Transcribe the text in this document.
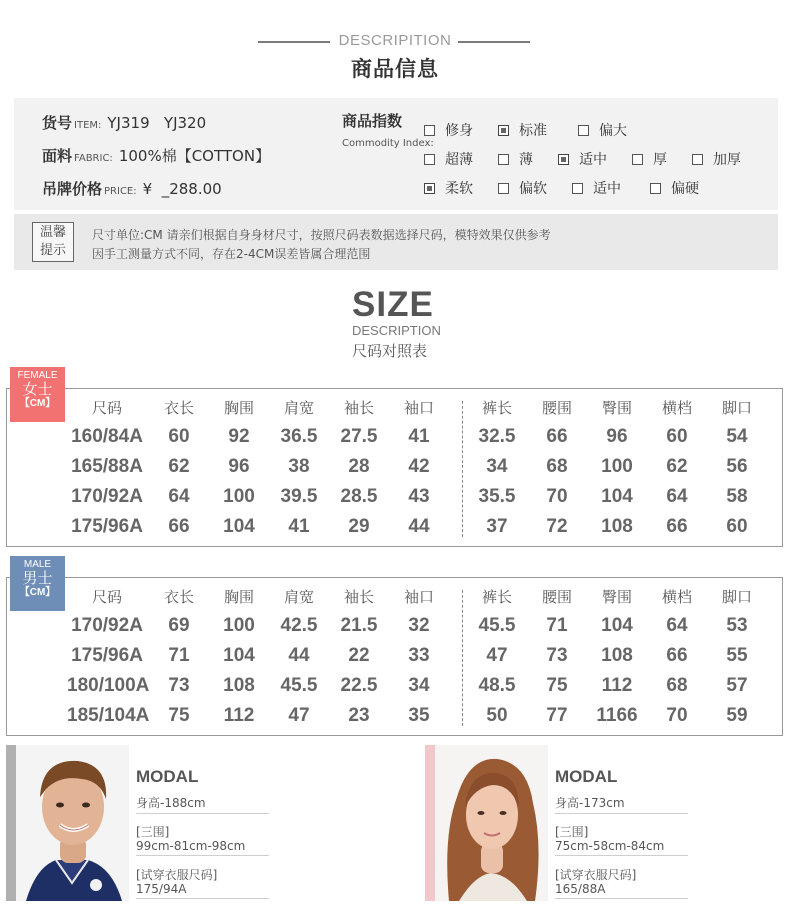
DESCRIPITION
商品信息
货号 ITEM: YJ319   YJ320
面料 FABRIC: 100%棉【COTTON】
吊牌价格 PRICE: ¥  _288.00
商品指数
Commodity Index:
修身	标准	偏大
超薄	薄	适中	厚	加厚
柔软	偏软	适中	偏硬
温馨
提示
尺寸单位:CM 请亲们根据自身身材尺寸，按照尺码表数据选择尺码，模特效果仅供参考
因手工测量方式不同，存在2-4CM误差皆属合理范围
SIZE
DESCRIPTION
尺码对照表
尺码	衣长	胸围	肩宽	袖长	袖口	裤长	腰围	臀围	横档	脚口
160/84A	60	92	36.5	27.5	41	32.5	66	96	60	54
165/88A	62	96	38	28	42	34	68	100	62	56
170/92A	64	100	39.5	28.5	43	35.5	70	104	64	58
175/96A	66	104	41	29	44	37	72	108	66	60
FEMALE
女士
【CM】
尺码	衣长	胸围	肩宽	袖长	袖口	裤长	腰围	臀围	横档	脚口
170/92A	69	100	42.5	21.5	32	45.5	71	104	64	53
175/96A	71	104	44	22	33	47	73	108	66	55
180/100A	73	108	45.5	22.5	34	48.5	75	112	68	57
185/104A	75	112	47	23	35	50	77	1166	70	59
MALE
男士
【CM】
MODAL
身高-188cm
[三围]
99cm-81cm-98cm
[试穿衣服尺码]
175/94A
MODAL
身高-173cm
[三围]
75cm-58cm-84cm
[试穿衣服尺码]
165/88A
